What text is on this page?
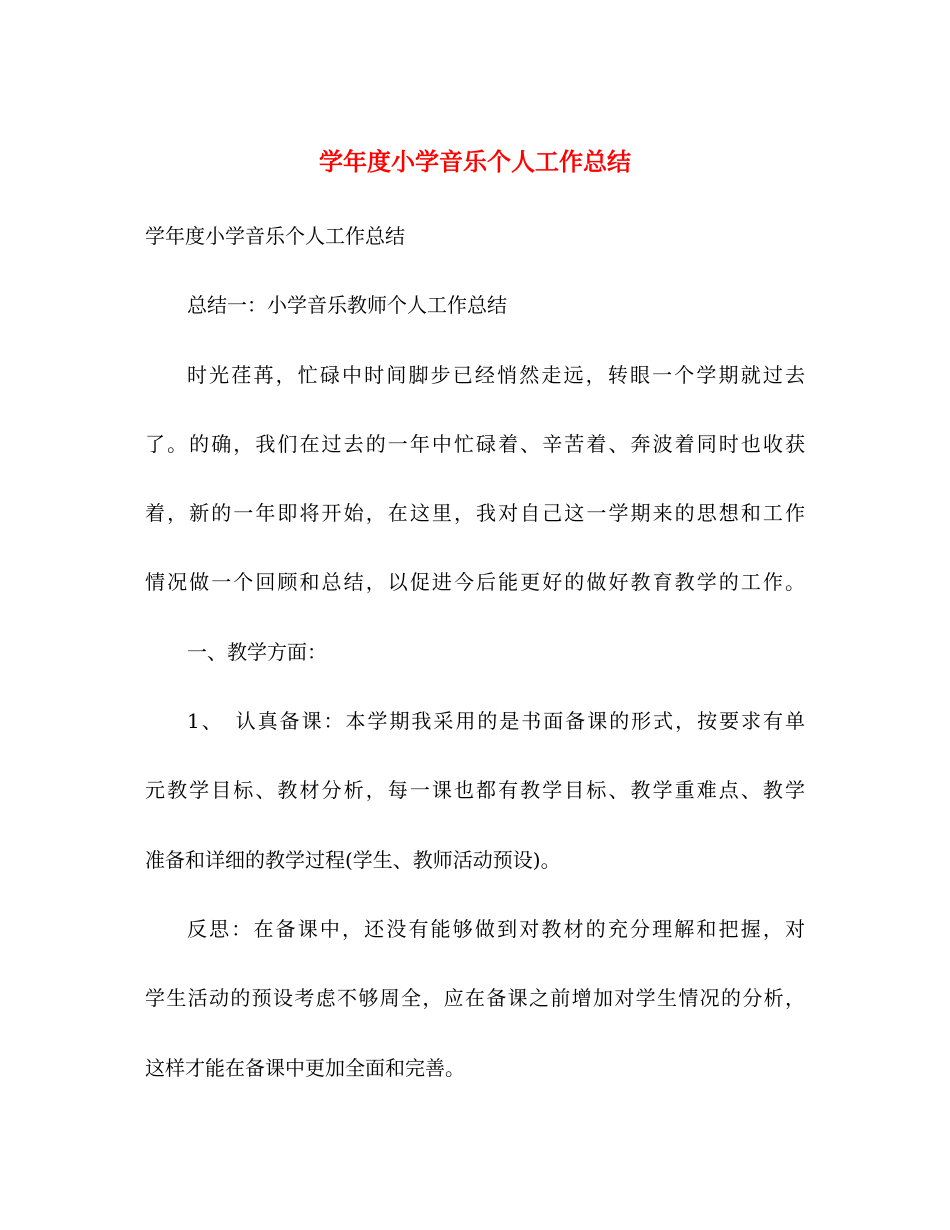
学年度小学音乐个人工作总结
学年度小学音乐个人工作总结
总结一：小学音乐教师个人工作总结
时光荏苒，忙碌中时间脚步已经悄然走远，转眼一个学期就过去
了。的确，我们在过去的一年中忙碌着、辛苦着、奔波着同时也收获
着，新的一年即将开始，在这里，我对自己这一学期来的思想和工作
情况做一个回顾和总结，以促进今后能更好的做好教育教学的工作。
一、教学方面：
1、　认真备课：本学期我采用的是书面备课的形式，按要求有单
元教学目标、教材分析，每一课也都有教学目标、教学重难点、教学
准备和详细的教学过程(学生、教师活动预设)。
反思：在备课中，还没有能够做到对教材的充分理解和把握，对
学生活动的预设考虑不够周全，应在备课之前增加对学生情况的分析，
这样才能在备课中更加全面和完善。
